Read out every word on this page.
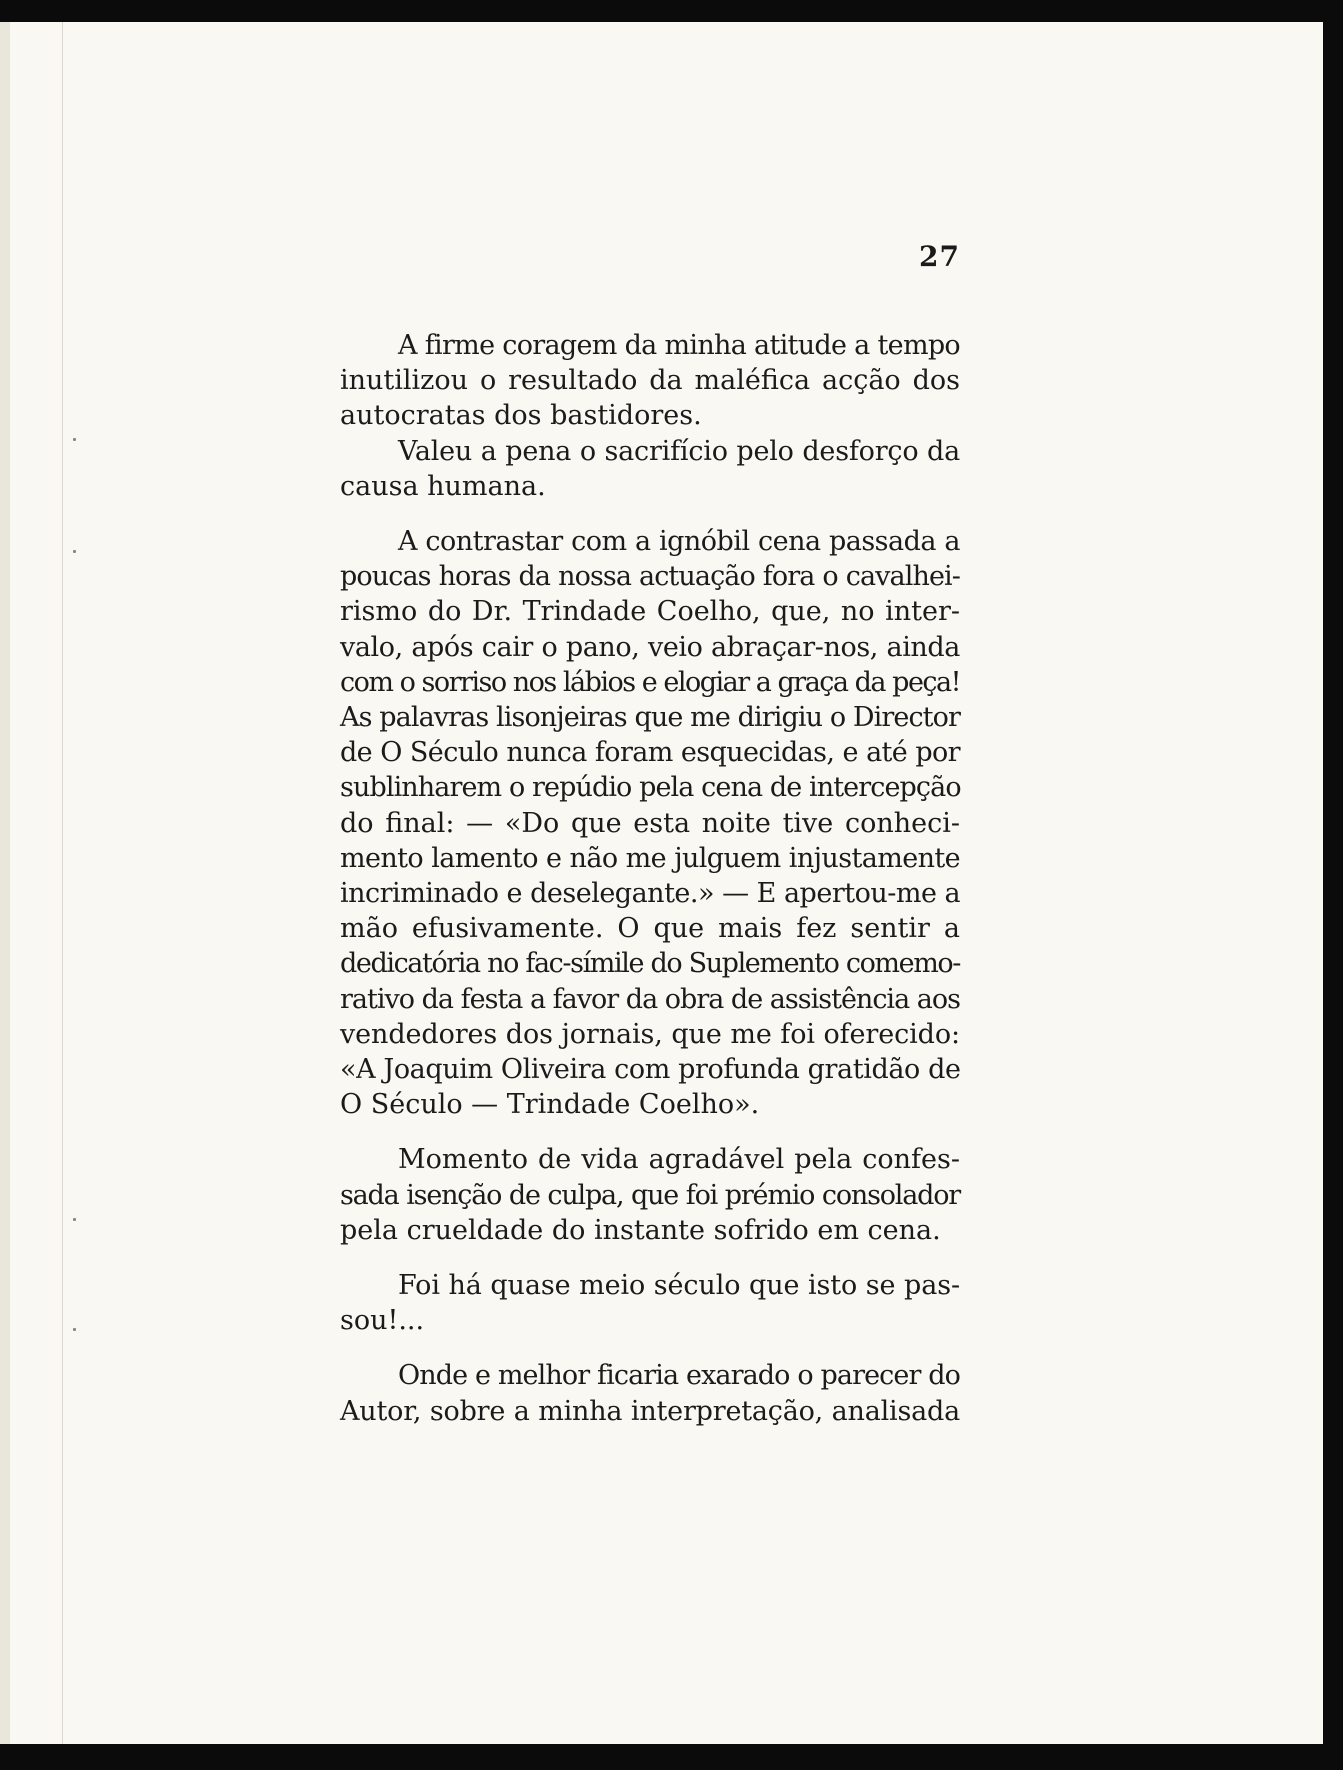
27
A firme coragem da minha atitude a tempo
inutilizou o resultado da maléfica acção dos
autocratas dos bastidores.
Valeu a pena o sacrifício pelo desforço da
causa humana.
A contrastar com a ignóbil cena passada a
poucas horas da nossa actuação fora o cavalhei-
rismo do Dr. Trindade Coelho, que, no inter-
valo, após cair o pano, veio abraçar-nos, ainda
com o sorriso nos lábios e elogiar a graça da peça!
As palavras lisonjeiras que me dirigiu o Director
de O Século nunca foram esquecidas, e até por
sublinharem o repúdio pela cena de intercepção
do final: — «Do que esta noite tive conheci-
mento lamento e não me julguem injustamente
incriminado e deselegante.» — E apertou-me a
mão efusivamente. O que mais fez sentir a
dedicatória no fac-símile do Suplemento comemo-
rativo da festa a favor da obra de assistência aos
vendedores dos jornais, que me foi oferecido:
«A Joaquim Oliveira com profunda gratidão de
O Século — Trindade Coelho».
Momento de vida agradável pela confes-
sada isenção de culpa, que foi prémio consolador
pela crueldade do instante sofrido em cena.
Foi há quase meio século que isto se pas-
sou!...
Onde e melhor ficaria exarado o parecer do
Autor, sobre a minha interpretação, analisada
